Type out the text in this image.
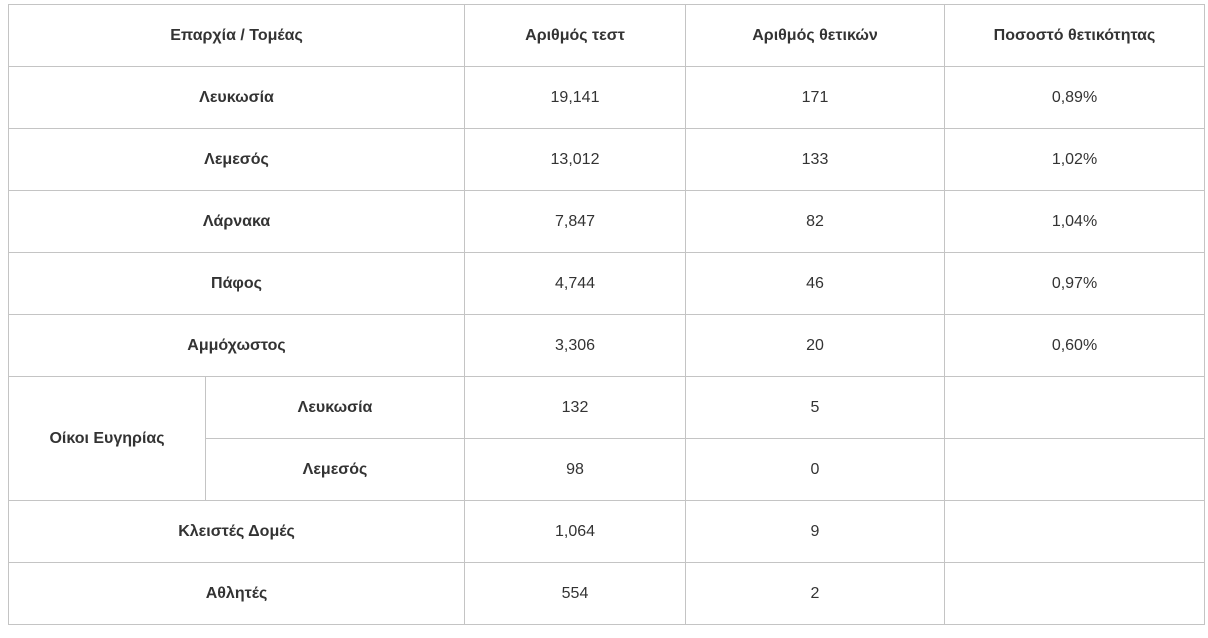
Επαρχία / Τομέας		Αριθμός τεστ	Αριθμός θετικών	Ποσοστό θετικότητας
Λευκωσία		19,141	171	0,89%
Λεμεσός		13,012	133	1,02%
Λάρνακα		7,847	82	1,04%
Πάφος		4,744	46	0,97%
Αμμόχωστος		3,306	20	0,60%
Οίκοι Ευγηρίας	Λευκωσία	132	5	
	Λεμεσός	98	0	
Κλειστές Δομές		1,064	9	
Αθλητές		554	2	
